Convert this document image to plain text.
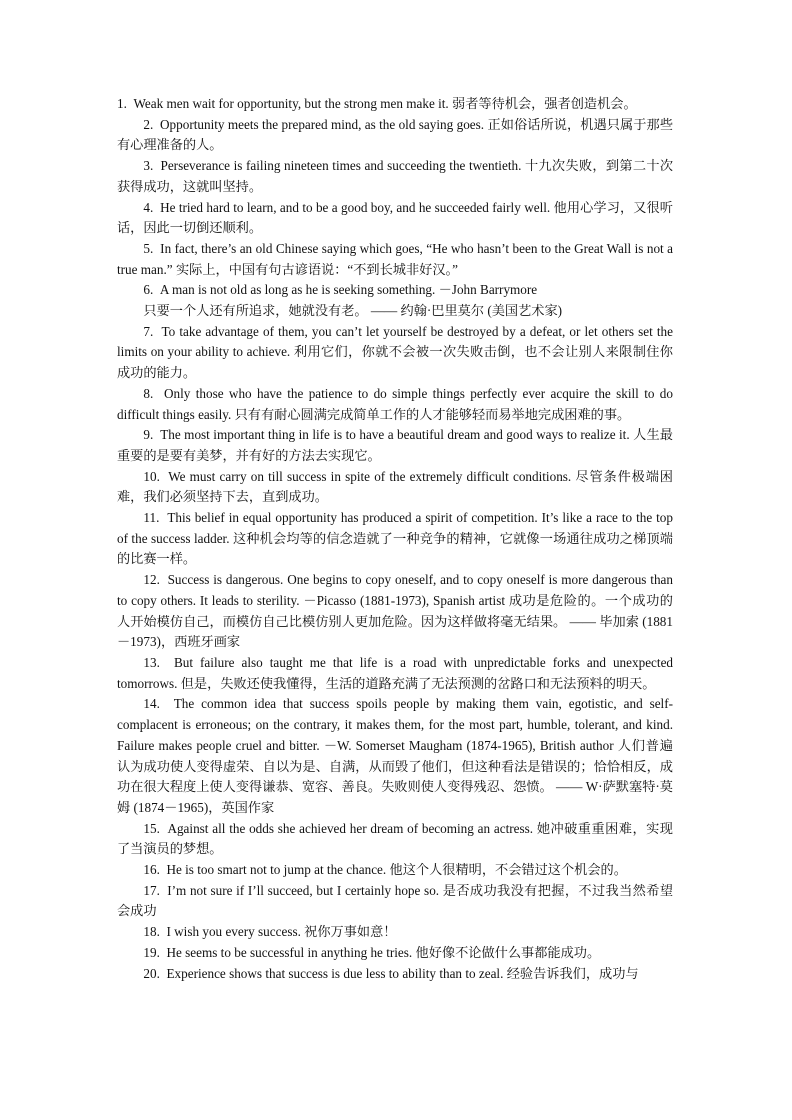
1. Weak men wait for opportunity, but the strong men make it. 弱者等待机会，强者创造机会。

2. Opportunity meets the prepared mind, as the old saying goes. 正如俗话所说，机遇只属于那些有心理准备的人。

3. Perseverance is failing nineteen times and succeeding the twentieth. 十九次失败，到第二十次获得成功，这就叫坚持。

4. He tried hard to learn, and to be a good boy, and he succeeded fairly well. 他用心学习，又很听话，因此一切倒还顺利。

5. In fact, there’s an old Chinese saying which goes, “He who hasn’t been to the Great Wall is not a true man.” 实际上，中国有句古谚语说：“不到长城非好汉。”

6. A man is not old as long as he is seeking something. －John Barrymore

只要一个人还有所追求，她就没有老。 —— 约翰·巴里莫尔 (美国艺术家)

7. To take advantage of them, you can’t let yourself be destroyed by a defeat, or let others set the limits on your ability to achieve. 利用它们，你就不会被一次失败击倒，也不会让别人来限制住你成功的能力。

8. Only those who have the patience to do simple things perfectly ever acquire the skill to do difficult things easily. 只有有耐心圆满完成简单工作的人才能够轻而易举地完成困难的事。

9. The most important thing in life is to have a beautiful dream and good ways to realize it. 人生最重要的是要有美梦，并有好的方法去实现它。

10. We must carry on till success in spite of the extremely difficult conditions. 尽管条件极端困难，我们必须坚持下去，直到成功。

11. This belief in equal opportunity has produced a spirit of competition. It’s like a race to the top of the success ladder. 这种机会均等的信念造就了一种竞争的精神，它就像一场通往成功之梯顶端的比赛一样。

12. Success is dangerous. One begins to copy oneself, and to copy oneself is more dangerous than to copy others. It leads to sterility. －Picasso (1881-1973), Spanish artist 成功是危险的。一个成功的人开始模仿自己，而模仿自己比模仿别人更加危险。因为这样做将毫无结果。 —— 毕加索 (1881－1973)，西班牙画家

13. But failure also taught me that life is a road with unpredictable forks and unexpected tomorrows. 但是，失败还使我懂得，生活的道路充满了无法预测的岔路口和无法预料的明天。

14. The common idea that success spoils people by making them vain, egotistic, and self-complacent is erroneous; on the contrary, it makes them, for the most part, humble, tolerant, and kind. Failure makes people cruel and bitter. －W. Somerset Maugham (1874-1965), British author 人们普遍认为成功使人变得虚荣、自以为是、自满，从而毁了他们，但这种看法是错误的；恰恰相反，成功在很大程度上使人变得谦恭、宽容、善良。失败则使人变得残忍、怨愤。 —— W·萨默塞特·莫姆 (1874－1965)，英国作家

15. Against all the odds she achieved her dream of becoming an actress. 她冲破重重困难，实现了当演员的梦想。

16. He is too smart not to jump at the chance. 他这个人很精明，不会错过这个机会的。

17. I’m not sure if I’ll succeed, but I certainly hope so. 是否成功我没有把握，不过我当然希望会成功

18. I wish you every success. 祝你万事如意！

19. He seems to be successful in anything he tries. 他好像不论做什么事都能成功。

20. Experience shows that success is due less to ability than to zeal. 经验告诉我们，成功与
